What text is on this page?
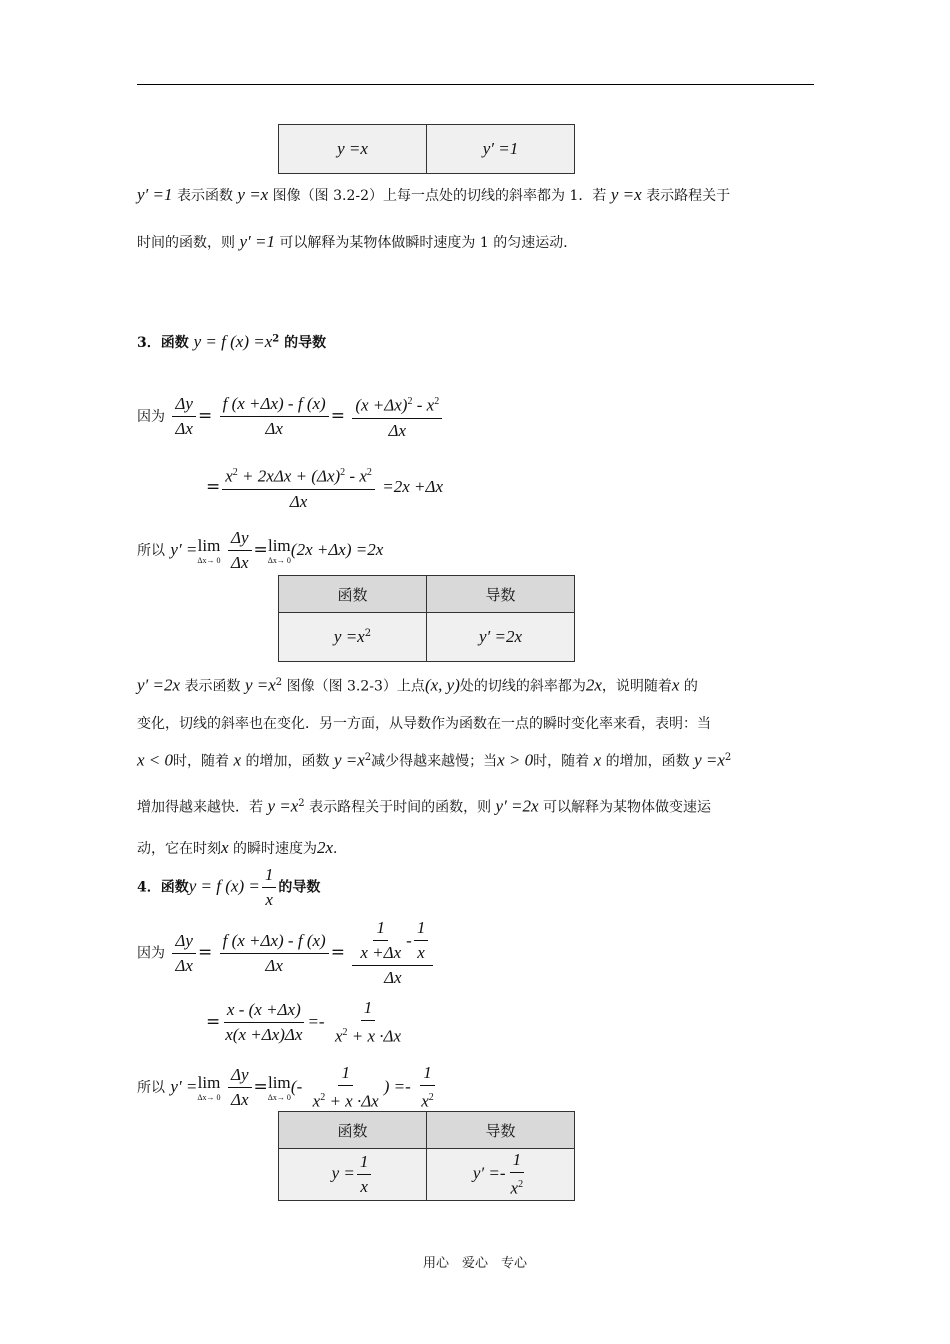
y =x	y′ =1

y′ =1 表示函数 y =x 图像（图 3.2-2）上每一点处的切线的斜率都为 1．若 y =x 表示路程关于

时间的函数，则 y′ =1 可以解释为某物体做瞬时速度为 1 的匀速运动．

3．函数 y = f $(x) =x^2$ 的导数
因为 $\frac{\Delta y}{\Delta x} = \frac{f (x +\Delta x) - f (x)}{\Delta x} = \frac{(x +\Delta x)^2 - x^2}{\Delta x}$
= $\frac{x^2 + 2x\Delta x + (\Delta x)^2 - x^2}{\Delta x} =2x +\Delta x$
所以 y′ = lim
Δx→ 0
$\frac{\Delta y}{\Delta x} = \lim$
Δx→ 0
(2x +Δx) =2x
函数	导数
$y =x^2$	y′ =2x

y′ =2x 表示函数 $y =x^2$ 图像（图 3.2-3）上点(x, y)处的切线的斜率都为2x，说明随着x 的

变化，切线的斜率也在变化．另一方面，从导数作为函数在一点的瞬时变化率来看，表明：当

x < 0时，随着 x 的增加，函数 $y =x^2$减少得越来越慢；当x > 0时，随着 x 的增加，函数 $y =x^2$

增加得越来越快．若 $y =x^2$ 表示路程关于时间的函数，则 y′ =2x 可以解释为某物体做变速运

动，它在时刻x 的瞬时速度为2x．

4．函数y = f $(x) = \frac{1}{x}$ 的导数
因为 $\frac{\Delta y}{\Delta x} = \frac{f (x +\Delta x) - f (x)}{\Delta x} = \frac{\frac{1}{x +\Delta x} - \frac{1}{x}}{\Delta x}$
= $\frac{x - (x +\Delta x)}{x(x +\Delta x)\Delta x} =- \frac{1}{x^2 + x \cdot\Delta x}$
所以 y′ = lim
Δx→ 0
$\frac{\Delta y}{\Delta x} = \lim$
Δx→ 0
(- $\frac{1}{x^2 + x \cdot\Delta x}$ ) =- $\frac{1}{x^2}$
函数	导数
$y = \frac{1}{x}$	$y' =- \frac{1}{x^2}$
用心　爱心　专心
